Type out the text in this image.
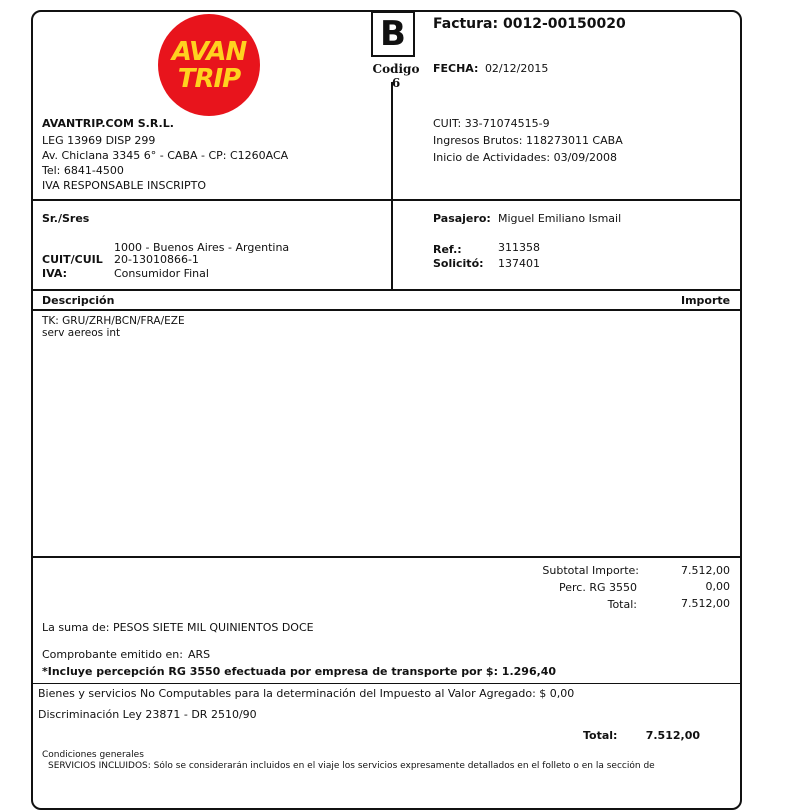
AVAN
TRIP
B
Codigo 6
Factura: 0012-00150020
FECHA: 02/12/2015
AVANTRIP.COM S.R.L.
LEG 13969 DISP 299
Av. Chiclana 3345 6° - CABA - CP: C1260ACA
Tel: 6841-4500
IVA RESPONSABLE INSCRIPTO
CUIT: 33-71074515-9
Ingresos Brutos: 118273011 CABA
Inicio de Actividades: 03/09/2008
Sr./Sres
1000 - Buenos Aires - Argentina
CUIT/CUIL 20-13010866-1
IVA:	Consumidor Final
Pasajero: Miguel Emiliano Ismail
Ref.:	311358
Solicitó: 137401
Descripción	Importe
TK: GRU/ZRH/BCN/FRA/EZE
serv aereos int
Subtotal Importe:	7.512,00
Perc. RG 3550	0,00
Total:	7.512,00
La suma de: PESOS SIETE MIL QUINIENTOS DOCE
Comprobante emitido en: ARS
*Incluye percepción RG 3550 efectuada por empresa de transporte por $: 1.296,40
Bienes y servicios No Computables para la determinación del Impuesto al Valor Agregado: $ 0,00
Discriminación Ley 23871 - DR 2510/90
Total:	7.512,00
Condiciones generales
SERVICIOS INCLUIDOS: Sólo se considerarán incluidos en el viaje los servicios expresamente detallados en el folleto o en la sección de
